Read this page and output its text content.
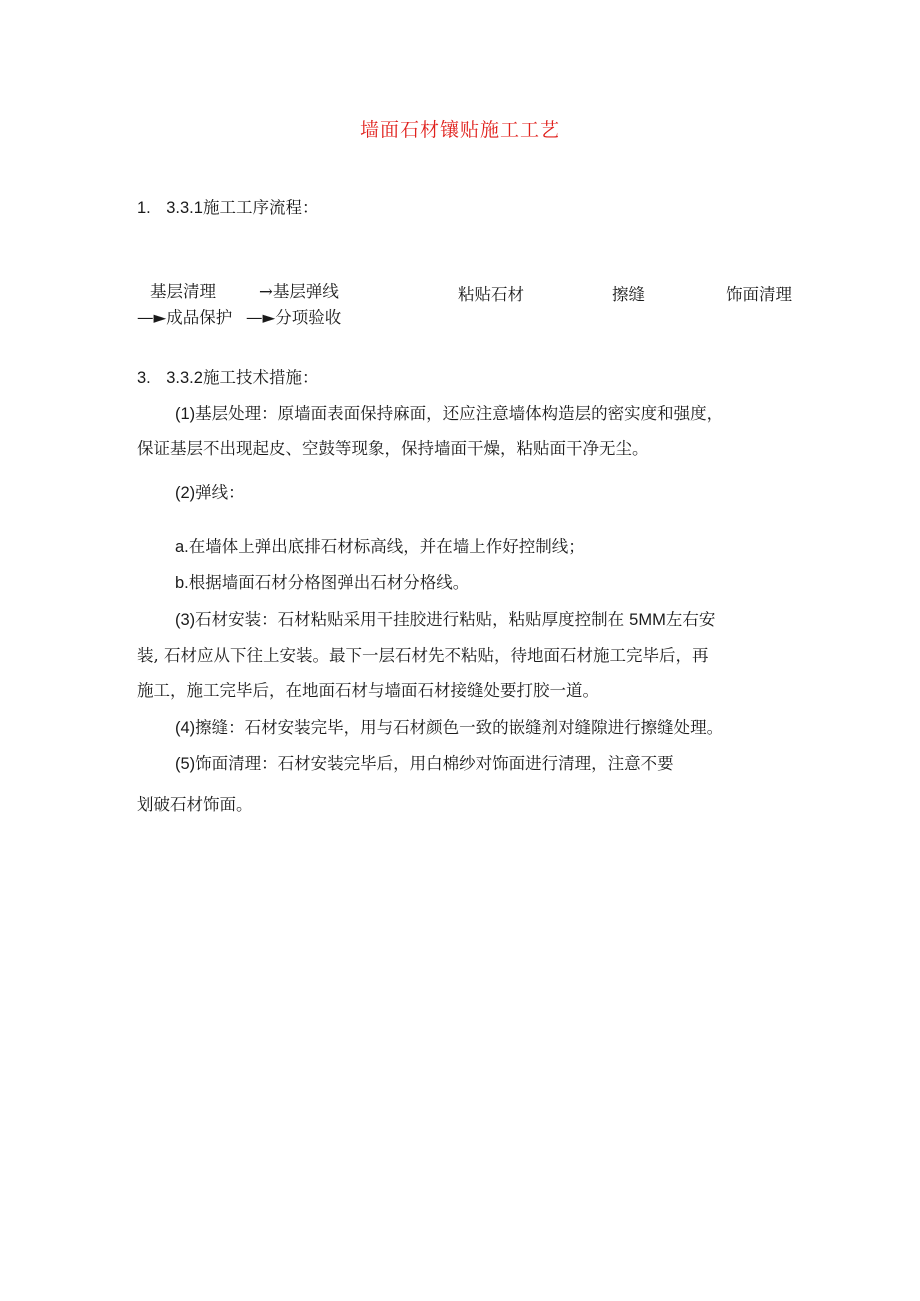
墙面石材镶贴施工工艺
1. 3.3.1施工工序流程：
基层清理	→基层弹线	粘贴石材	擦缝	饰面清理
—►成品保护 —►分项验收
3. 3.3.2施工技术措施：
(1)基层处理：原墙面表面保持麻面，还应注意墙体构造层的密实度和强度，
保证基层不出现起皮、空鼓等现象，保持墙面干燥，粘贴面干净无尘。
(2)弹线：
a.在墙体上弹出底排石材标高线，并在墙上作好控制线；
b.根据墙面石材分格图弹出石材分格线。
(3)石材安装：石材粘贴采用干挂胶进行粘贴，粘贴厚度控制在 5MM左右安
装, 石材应从下往上安装。最下一层石材先不粘贴，待地面石材施工完毕后，再
施工，施工完毕后，在地面石材与墙面石材接缝处要打胶一道。
(4)擦缝：石材安装完毕，用与石材颜色一致的嵌缝剂对缝隙进行擦缝处理。
(5)饰面清理：石材安装完毕后，用白棉纱对饰面进行清理，注意不要
划破石材饰面。
